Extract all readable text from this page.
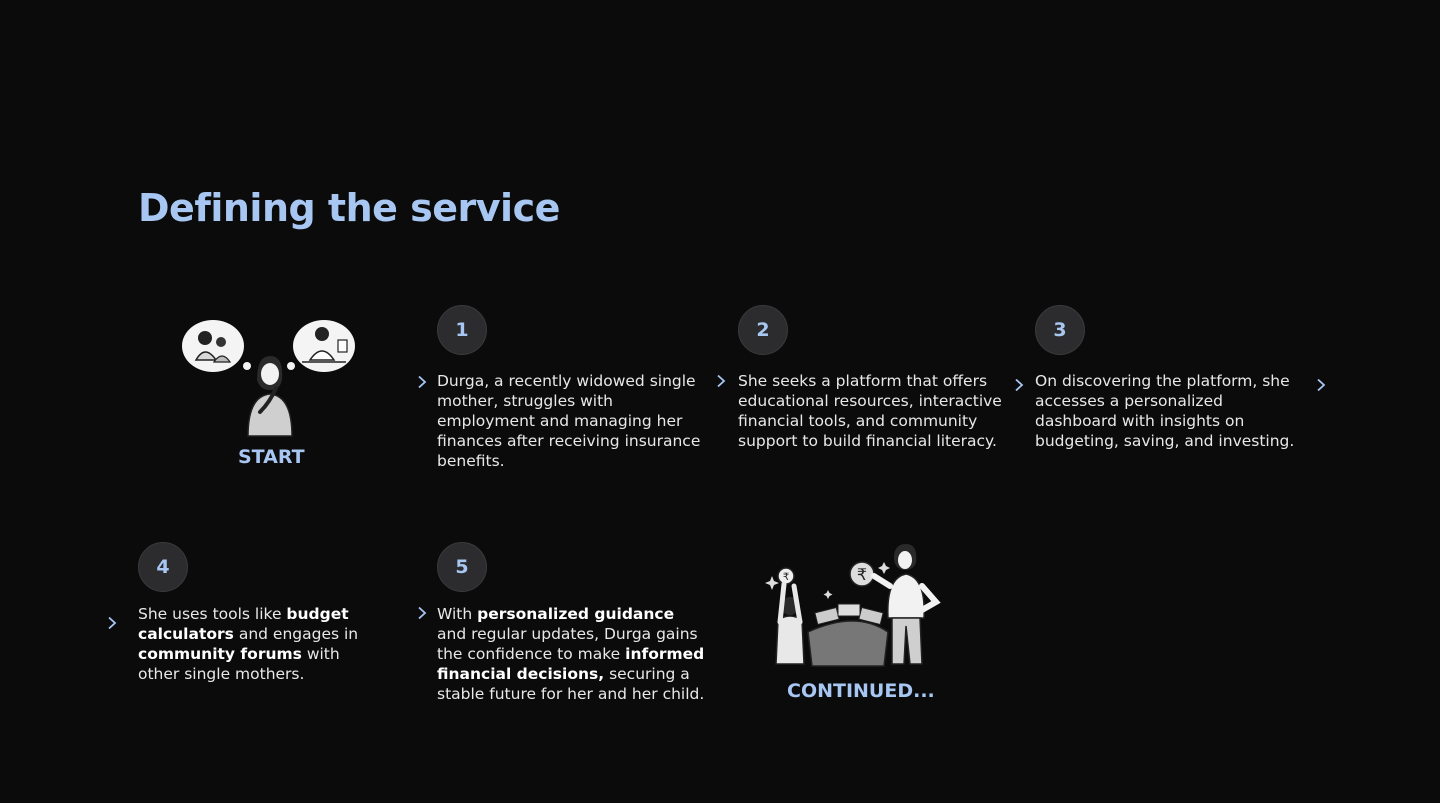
Defining the service
START
1

Durga, a recently widowed single mother, struggles with employment and managing her finances after receiving insurance benefits.

2

She seeks a platform that offers educational resources, interactive financial tools, and community support to build financial literacy.

3

On discovering the platform, she accesses a personalized dashboard with insights on budgeting, saving, and investing.

4

She uses tools like budget calculators and engages in community forums with other single mothers.

5

With personalized guidance and regular updates, Durga gains the confidence to make informed financial decisions, securing a stable future for her and her child.

₹	₹
CONTINUED...
